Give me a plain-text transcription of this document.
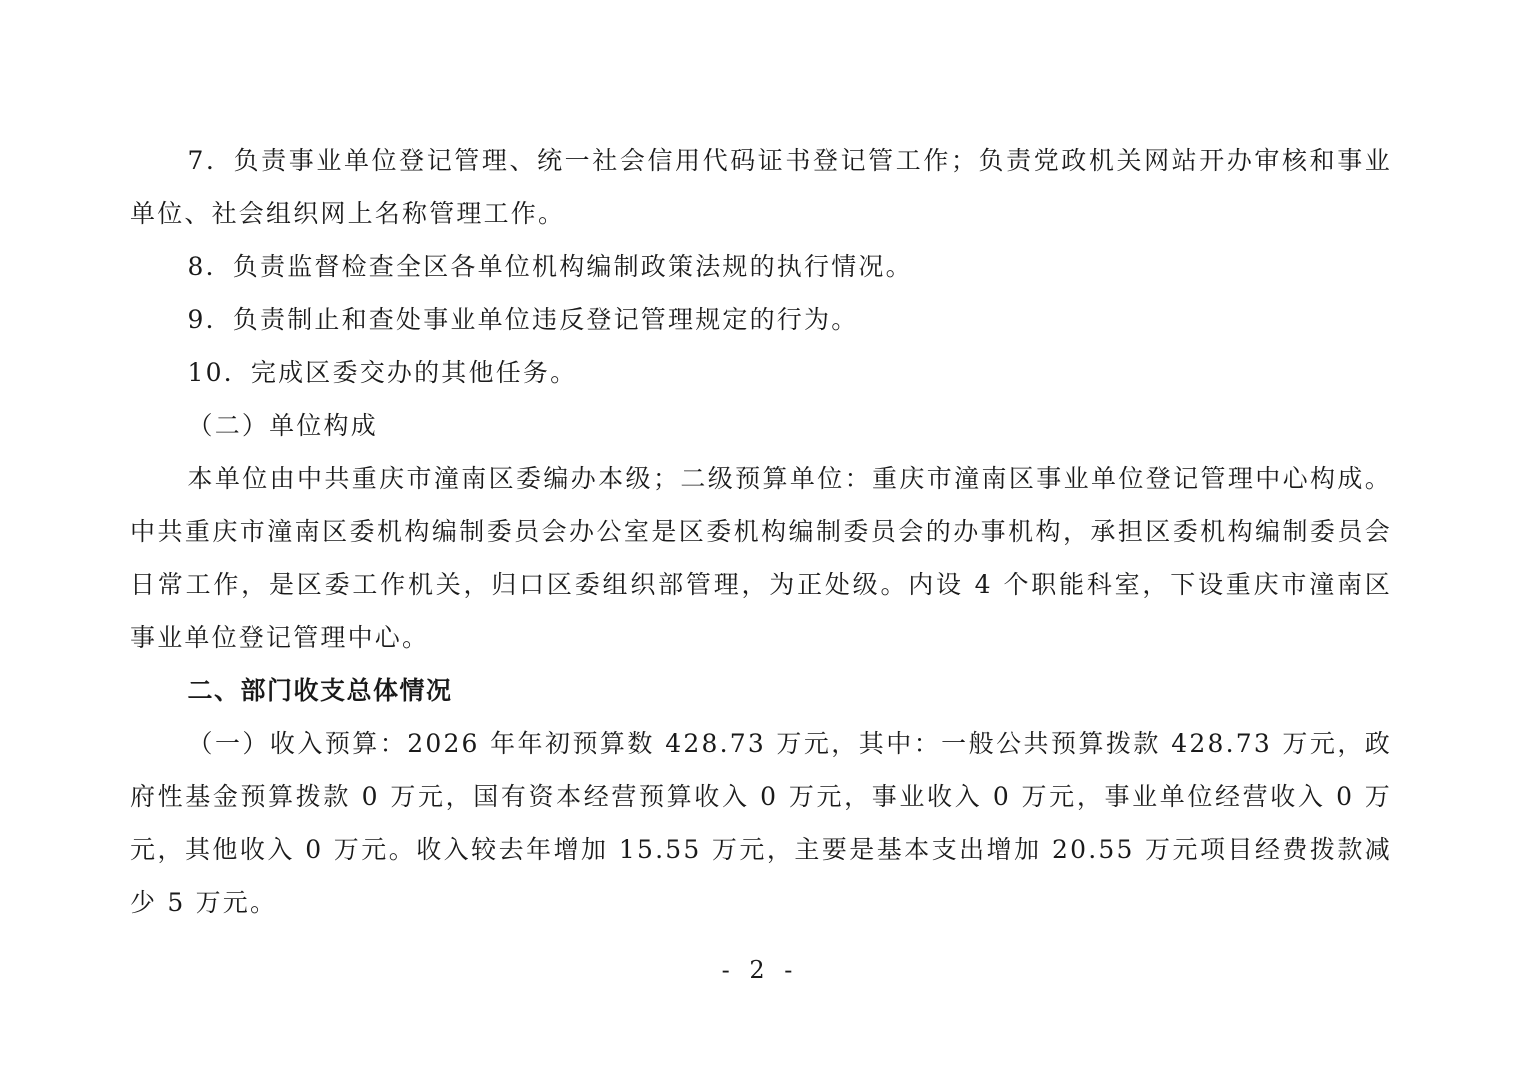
7．负责事业单位登记管理、统一社会信用代码证书登记管工作；负责党政机关网站开办审核和事业单位、社会组织网上名称管理工作。

8．负责监督检查全区各单位机构编制政策法规的执行情况。

9．负责制止和查处事业单位违反登记管理规定的行为。

10．完成区委交办的其他任务。

（二）单位构成

本单位由中共重庆市潼南区委编办本级；二级预算单位：重庆市潼南区事业单位登记管理中心构成。中共重庆市潼南区委机构编制委员会办公室是区委机构编制委员会的办事机构，承担区委机构编制委员会日常工作，是区委工作机关，归口区委组织部管理，为正处级。内设 4 个职能科室，下设重庆市潼南区事业单位登记管理中心。

二、部门收支总体情况

（一）收入预算：2026 年年初预算数 428.73 万元，其中：一般公共预算拨款 428.73 万元，政府性基金预算拨款 0 万元，国有资本经营预算收入 0 万元，事业收入 0 万元，事业单位经营收入 0 万元，其他收入 0 万元。收入较去年增加 15.55 万元，主要是基本支出增加 20.55 万元项目经费拨款减少 5 万元。

- 2 -
